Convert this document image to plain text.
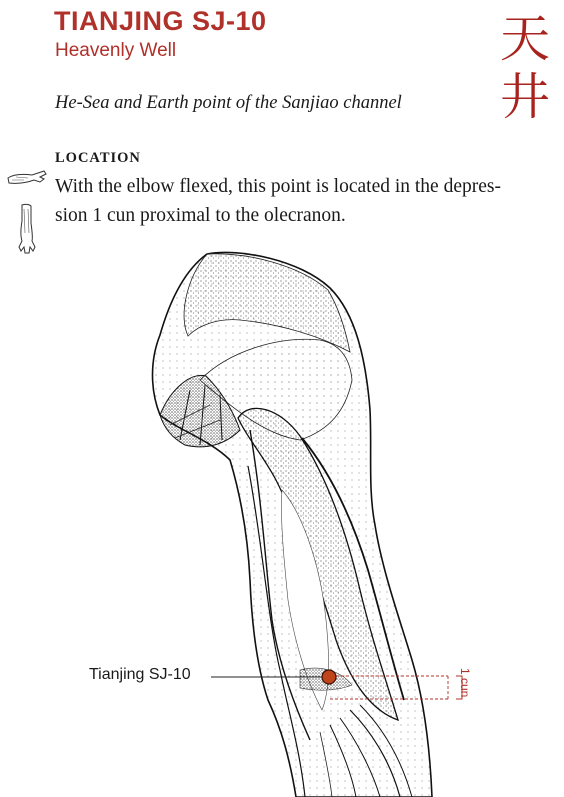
TIANJING SJ-10
Heavenly Well	天井
He-Sea and Earth point of the Sanjiao channel
LOCATION
With the elbow flexed, this point is located in the depres-
sion 1 cun proximal to the olecranon.
Tianjing SJ-10	1 cun
